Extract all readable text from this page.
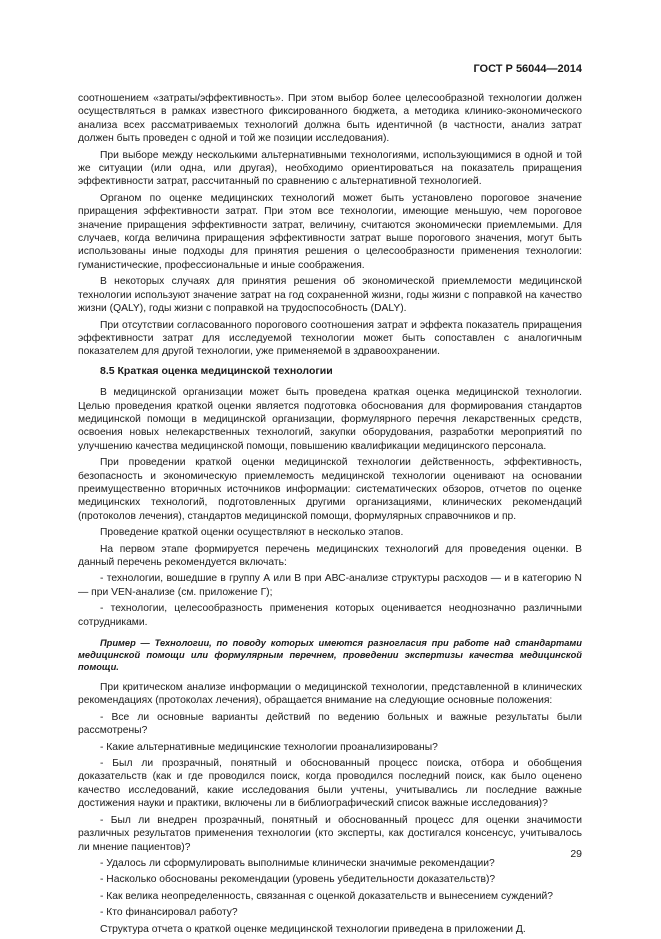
ГОСТ Р 56044—2014

соотношением «затраты/эффективность». При этом выбор более целесообразной технологии должен осуществляться в рамках известного фиксированного бюджета, а методика клинико-экономического анализа всех рассматриваемых технологий должна быть идентичной (в частности, анализ затрат должен быть проведен с одной и той же позиции исследования).

При выборе между несколькими альтернативными технологиями, использующимися в одной и той же ситуации (или одна, или другая), необходимо ориентироваться на показатель приращения эффективности затрат, рассчитанный по сравнению с альтернативной технологией.

Органом по оценке медицинских технологий может быть установлено пороговое значение приращения эффективности затрат. При этом все технологии, имеющие меньшую, чем пороговое значение приращения эффективности затрат, величину, считаются экономически приемлемыми. Для случаев, когда величина приращения эффективности затрат выше порогового значения, могут быть использованы иные подходы для принятия решения о целесообразности применения технологии: гуманистические, профессиональные и иные соображения.

В некоторых случаях для принятия решения об экономической приемлемости медицинской технологии используют значение затрат на год сохраненной жизни, годы жизни с поправкой на качество жизни (QALY), годы жизни с поправкой на трудоспособность (DALY).

При отсутствии согласованного порогового соотношения затрат и эффекта показатель приращения эффективности затрат для исследуемой технологии может быть сопоставлен с аналогичным показателем для другой технологии, уже применяемой в здравоохранении.

8.5 Краткая оценка медицинской технологии

В медицинской организации может быть проведена краткая оценка медицинской технологии. Целью проведения краткой оценки является подготовка обоснования для формирования стандартов медицинской помощи в медицинской организации, формулярного перечня лекарственных средств, освоения новых нелекарственных технологий, закупки оборудования, разработки мероприятий по улучшению качества медицинской помощи, повышению квалификации медицинского персонала.

При проведении краткой оценки медицинской технологии действенность, эффективность, безопасность и экономическую приемлемость медицинской технологии оценивают на основании преимущественно вторичных источников информации: систематических обзоров, отчетов по оценке медицинских технологий, подготовленных другими организациями, клинических рекомендаций (протоколов лечения), стандартов медицинской помощи, формулярных справочников и пр.

Проведение краткой оценки осуществляют в несколько этапов.

На первом этапе формируется перечень медицинских технологий для проведения оценки. В данный перечень рекомендуется включать:

- технологии, вошедшие в группу А или В при АВС-анализе структуры расходов — и в категорию N — при VEN-анализе (см. приложение Г);

- технологии, целесообразность применения которых оценивается неоднозначно различными сотрудниками.

Пример — Технологии, по поводу которых имеются разногласия при работе над стандартами медицинской помощи или формулярным перечнем, проведении экспертизы качества медицинской помощи.

При критическом анализе информации о медицинской технологии, представленной в клинических рекомендациях (протоколах лечения), обращается внимание на следующие основные положения:

- Все ли основные варианты действий по ведению больных и важные результаты были рассмотрены?

- Какие альтернативные медицинские технологии проанализированы?

- Был ли прозрачный, понятный и обоснованный процесс поиска, отбора и обобщения доказательств (как и где проводился поиск, когда проводился последний поиск, как было оценено качество исследований, какие исследования были учтены, учитывались ли последние важные достижения науки и практики, включены ли в библиографический список важные исследования)?

- Был ли внедрен прозрачный, понятный и обоснованный процесс для оценки значимости различных результатов применения технологии (кто эксперты, как достигался консенсус, учитывалось ли мнение пациентов)?

- Удалось ли сформулировать выполнимые клинически значимые рекомендации?

- Насколько обоснованы рекомендации (уровень убедительности доказательств)?

- Как велика неопределенность, связанная с оценкой доказательств и вынесением суждений?

- Кто финансировал работу?

Структура отчета о краткой оценке медицинской технологии приведена в приложении Д.

29
